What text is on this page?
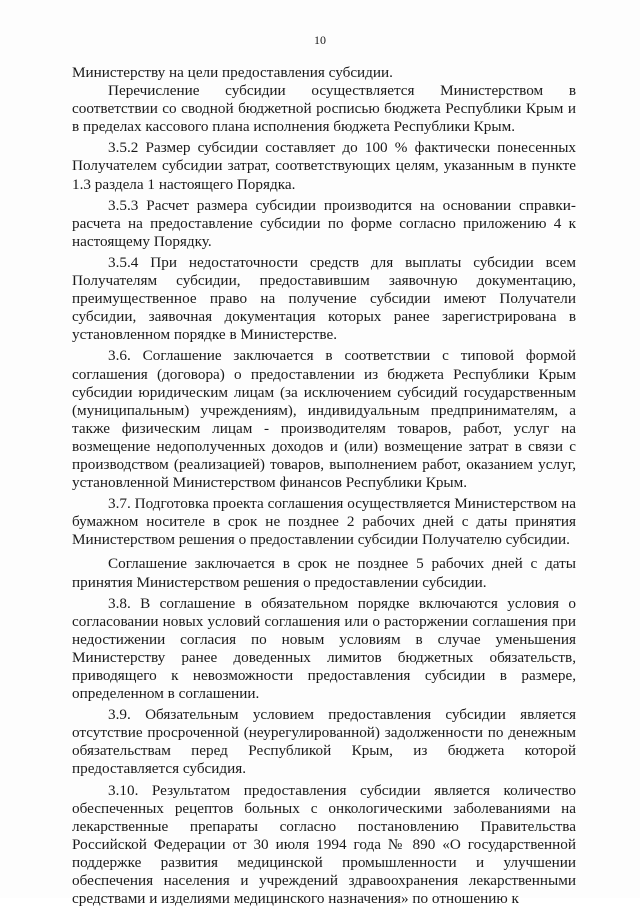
10

Министерству на цели предоставления субсидии.

Перечисление субсидии осуществляется Министерством в соответствии со сводной бюджетной росписью бюджета Республики Крым и в пределах кассового плана исполнения бюджета Республики Крым.

3.5.2 Размер субсидии составляет до 100 % фактически понесенных Получателем субсидии затрат, соответствующих целям, указанным в пункте 1.3 раздела 1 настоящего Порядка.

3.5.3 Расчет размера субсидии производится на основании справки-расчета на предоставление субсидии по форме согласно приложению 4 к настоящему Порядку.

3.5.4 При недостаточности средств для выплаты субсидии всем Получателям субсидии, предоставившим заявочную документацию, преимущественное право на получение субсидии имеют Получатели субсидии, заявочная документация которых ранее зарегистрирована в установленном порядке в Министерстве.

3.6. Соглашение заключается в соответствии с типовой формой соглашения (договора) о предоставлении из бюджета Республики Крым субсидии юридическим лицам (за исключением субсидий государственным (муниципальным) учреждениям), индивидуальным предпринимателям, а также физическим лицам - производителям товаров, работ, услуг на возмещение недополученных доходов и (или) возмещение затрат в связи с производством (реализацией) товаров, выполнением работ, оказанием услуг, установленной Министерством финансов Республики Крым.

3.7. Подготовка проекта соглашения осуществляется Министерством на бумажном носителе в срок не позднее 2 рабочих дней с даты принятия Министерством решения о предоставлении субсидии Получателю субсидии.

Соглашение заключается в срок не позднее 5 рабочих дней с даты принятия Министерством решения о предоставлении субсидии.

3.8. В соглашение в обязательном порядке включаются условия о согласовании новых условий соглашения или о расторжении соглашения при недостижении согласия по новым условиям в случае уменьшения Министерству ранее доведенных лимитов бюджетных обязательств, приводящего к невозможности предоставления субсидии в размере, определенном в соглашении.

3.9. Обязательным условием предоставления субсидии является отсутствие просроченной (неурегулированной) задолженности по денежным обязательствам перед Республикой Крым, из бюджета которой предоставляется субсидия.

3.10. Результатом предоставления субсидии является количество обеспеченных рецептов больных с онкологическими заболеваниями на лекарственные препараты согласно постановлению Правительства Российской Федерации от 30 июля 1994 года № 890 «О государственной поддержке развития медицинской промышленности и улучшении обеспечения населения и учреждений здравоохранения лекарственными средствами и изделиями медицинского назначения» по отношению к
